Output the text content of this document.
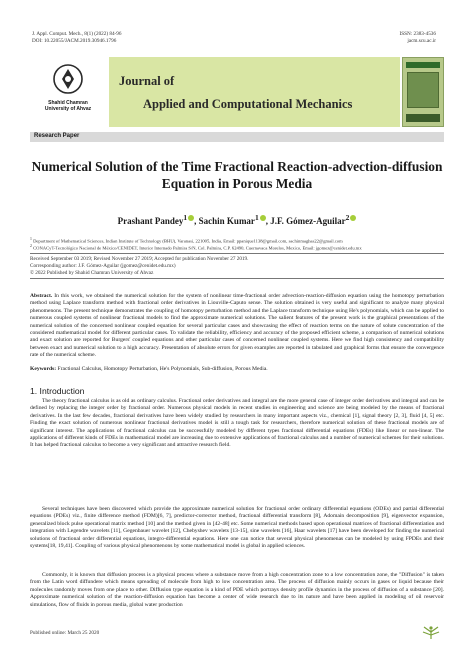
J. Appl. Comput. Mech., 8(1) (2022) 84-96
DOI: 10.22055/JACM.2019.30946.1796
ISSN: 2383-4536
jacm.scu.ac.ir
Shahid Chamran
University of Ahvaz
Journal of
Applied and Computational Mechanics
Research Paper
Numerical Solution of the Time Fractional Reaction-advection-diffusion Equation in Porous Media
Prashant Pandey$^1$ , Sachin Kumar$^1$ , J.F. Gómez-Aguilar$^2$
$^1$ Department of Mathematical Sciences, Indian Institute of Technology (BHU), Varanasi, 221005, India, Email: ppanique1138@gmail.com, sachinmaghas22@gmail.com
$^2$ CONACyT-Tecnológico Nacional de México/CENIDET, Interior Internado Palmira S/N, Col. Palmira, C.P. 62490, Cuernavaca Morelos, Mexico, Email: jgomez@cenidet.edu.mx
Received September 03 2019; Revised November 27 2019; Accepted for publication November 27 2019.
Corresponding author: J.F. Gómez-Aguilar (jgomez@cenidet.edu.mx)
© 2022 Published by Shahid Chamran University of Ahvaz
Abstract. In this work, we obtained the numerical solution for the system of nonlinear time-fractional order advection-reaction-diffusion equation using the homotopy perturbation method using Laplace transform method with fractional order derivatives in Liouville-Caputo sense. The solution obtained is very useful and significant to analyze many physical phenomenons. The present technique demonstrates the coupling of homotopy perturbation method and the Laplace transform technique using He's polynomials, which can be applied to numerous coupled systems of nonlinear fractional models to find the approximate numerical solutions. The salient features of the present work is the graphical presentations of the numerical solution of the concerned nonlinear coupled equation for several particular cases and showcasing the effect of reaction terms on the nature of solute concentration of the considered mathematical model for different particular cases. To validate the reliability, efficiency and accuracy of the proposed efficient scheme, a comparison of numerical solutions and exact solution are reported for Burgers' coupled equations and other particular cases of concerned nonlinear coupled systems. Here we find high consistency and compatibility between exact and numerical solution to a high accuracy. Presentation of absolute errors for given examples are reported in tabulated and graphical forms that ensure the convergence rate of the numerical scheme.
Keywords: Fractional Calculus, Homotopy Perturbation, He's Polynomials, Sub-diffusion, Porous Media.
1. Introduction
The theory fractional calculus is as old as ordinary calculus. Fractional order derivatives and integral are the more general case of integer order derivatives and integral and can be defined by replacing the integer order by fractional order. Numerous physical models in recent studies in engineering and science are being modeled by the means of fractional derivatives. In the last few decades, fractional derivatives have been widely studied by researchers in many important aspects viz., chemical [1], signal theory [2, 3], fluid [4, 5] etc. Finding the exact solution of numerous nonlinear fractional derivatives model is still a tough task for researchers, therefore numerical solution of these fractional models are of significant interest. The applications of fractional calculus can be successfully modeled by different types fractional differential equations (FDEs) like linear or non-linear. The applications of different kinds of FDEs in mathematical model are increasing due to extensive applications of fractional calculus and a number of numerical schemes for their solutions. It has helped fractional calculus to become a very significant and attractive research field.
Several techniques have been discovered which provide the approximate numerical solution for fractional order ordinary differential equations (ODEs) and partial differential equations (PDEs) viz., finite difference method (FDM)[6, 7], predictor-corrector method, fractional differential transform [8], Adomain decomposition [9], eigenvector expansion, generalized block pulse operational matrix method [10] and the method given in [42-48] etc. Some numerical methods based upon operational matrices of fractional differentiation and integration with Legendre wavelets [11], Gegenbauer wavelet [12], Chebyshev wavelets [13-15], sine wavelets [16], Haar wavelets [17] have been developed for finding the numerical solutions of fractional order differential equations, integro-differential equations. Here one can notice that several physical phenomenas can be modeled by using FPDEs and their systems[18, 19,41]. Coupling of various physical phenomenons by some mathematical model is global in applied sciences.
Commonly, it is known that diffusion process is a physical process where a substance move from a high concentration zone to a low concentration zone, the "Diffusion" is taken from the Latin word diffundere which means spreading of molecule from high to low concentration area. The process of diffusion mainly occurs in gases or liquid because their molecules randomly moves from one place to other. Diffusion type equation is a kind of PDE which portrays density profile dynamics in the process of diffusion of a substance [20]. Approximate numerical solution of the reaction-diffusion equation has become a center of wide research due to its nature and have been applied in modeling of oil reservoir simulations, flow of fluids in porous media, global water production
Published online: March 25 2020
